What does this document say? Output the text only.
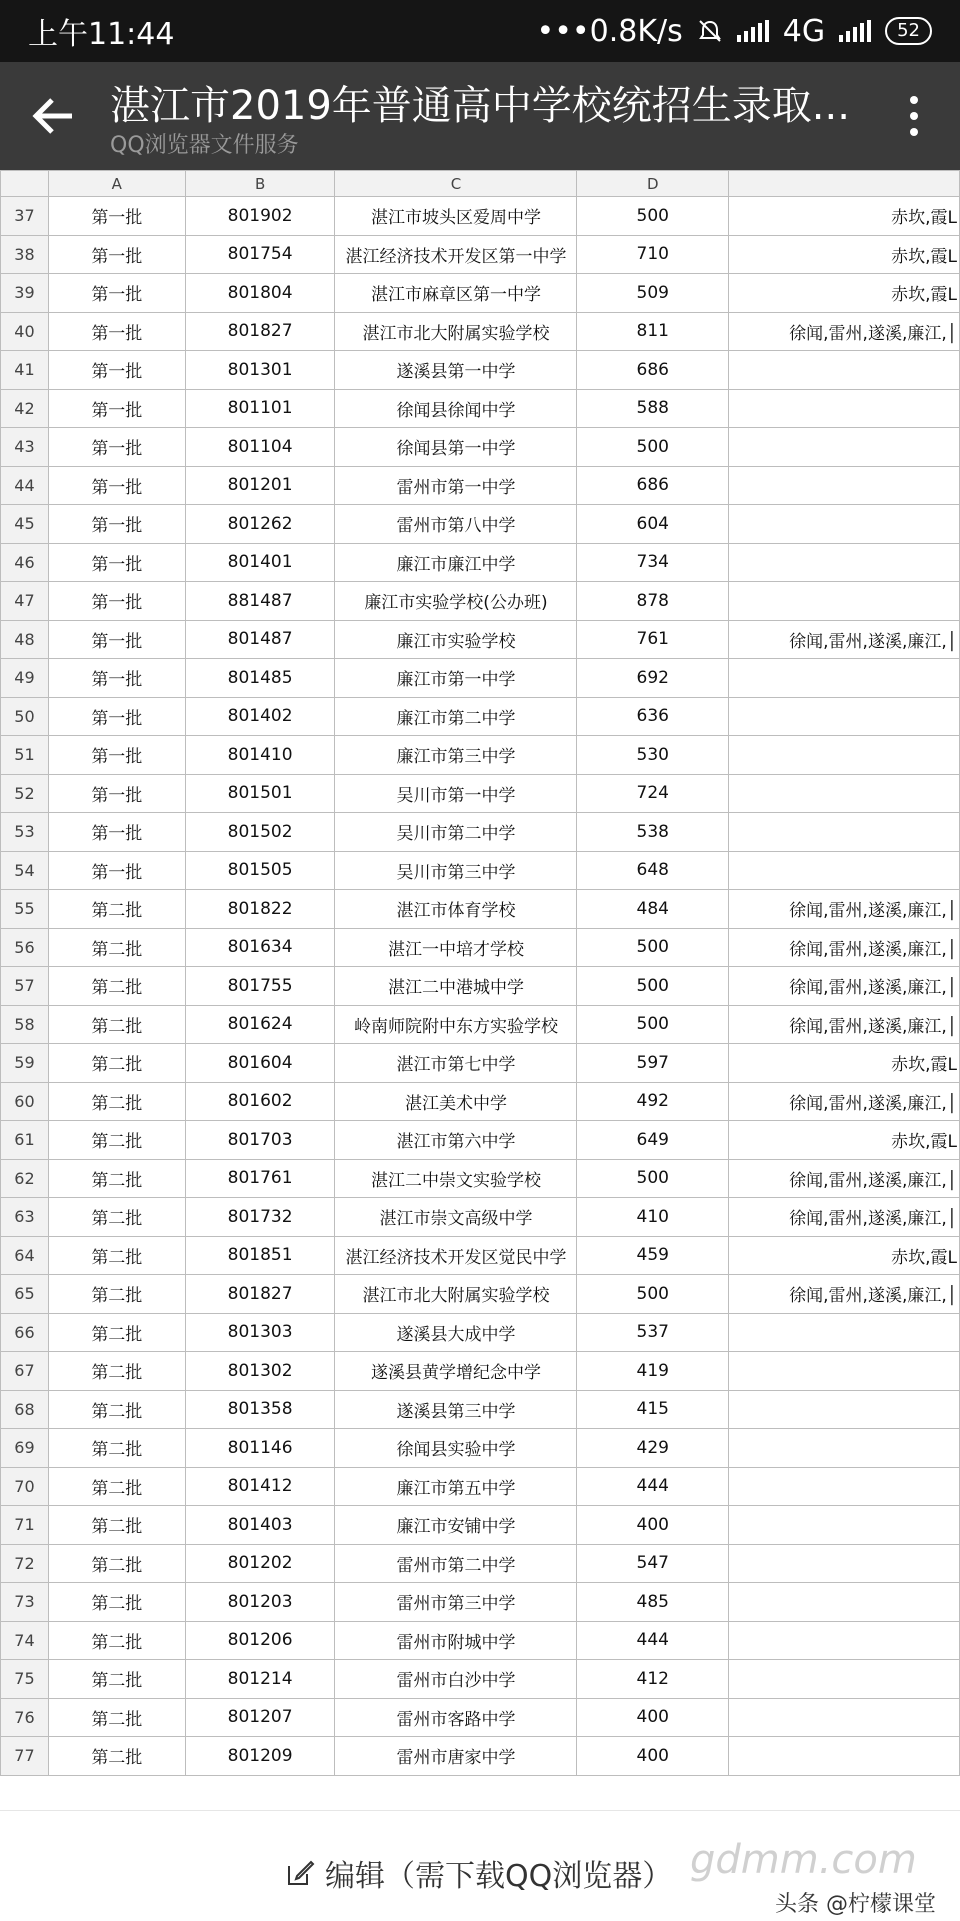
上午11:44	•••0.8K/s	4G	52
湛江市2019年普通高中学校统招生录取...
QQ浏览器文件服务
	A	B	C	D	
37	第一批	801902	湛江市坡头区爱周中学	500	赤坎,霞L
38	第一批	801754	湛江经济技术开发区第一中学	710	赤坎,霞L
39	第一批	801804	湛江市麻章区第一中学	509	赤坎,霞L
40	第一批	801827	湛江市北大附属实验学校	811	徐闻,雷州,遂溪,廉江,│
41	第一批	801301	遂溪县第一中学	686	
42	第一批	801101	徐闻县徐闻中学	588	
43	第一批	801104	徐闻县第一中学	500	
44	第一批	801201	雷州市第一中学	686	
45	第一批	801262	雷州市第八中学	604	
46	第一批	801401	廉江市廉江中学	734	
47	第一批	881487	廉江市实验学校(公办班)	878	
48	第一批	801487	廉江市实验学校	761	徐闻,雷州,遂溪,廉江,│
49	第一批	801485	廉江市第一中学	692	
50	第一批	801402	廉江市第二中学	636	
51	第一批	801410	廉江市第三中学	530	
52	第一批	801501	吴川市第一中学	724	
53	第一批	801502	吴川市第二中学	538	
54	第一批	801505	吴川市第三中学	648	
55	第二批	801822	湛江市体育学校	484	徐闻,雷州,遂溪,廉江,│
56	第二批	801634	湛江一中培才学校	500	徐闻,雷州,遂溪,廉江,│
57	第二批	801755	湛江二中港城中学	500	徐闻,雷州,遂溪,廉江,│
58	第二批	801624	岭南师院附中东方实验学校	500	徐闻,雷州,遂溪,廉江,│
59	第二批	801604	湛江市第七中学	597	赤坎,霞L
60	第二批	801602	湛江美术中学	492	徐闻,雷州,遂溪,廉江,│
61	第二批	801703	湛江市第六中学	649	赤坎,霞L
62	第二批	801761	湛江二中崇文实验学校	500	徐闻,雷州,遂溪,廉江,│
63	第二批	801732	湛江市崇文高级中学	410	徐闻,雷州,遂溪,廉江,│
64	第二批	801851	湛江经济技术开发区觉民中学	459	赤坎,霞L
65	第二批	801827	湛江市北大附属实验学校	500	徐闻,雷州,遂溪,廉江,│
66	第二批	801303	遂溪县大成中学	537	
67	第二批	801302	遂溪县黄学增纪念中学	419	
68	第二批	801358	遂溪县第三中学	415	
69	第二批	801146	徐闻县实验中学	429	
70	第二批	801412	廉江市第五中学	444	
71	第二批	801403	廉江市安铺中学	400	
72	第二批	801202	雷州市第二中学	547	
73	第二批	801203	雷州市第三中学	485	
74	第二批	801206	雷州市附城中学	444	
75	第二批	801214	雷州市白沙中学	412	
76	第二批	801207	雷州市客路中学	400	
77	第二批	801209	雷州市唐家中学	400	
编辑（需下载QQ浏览器） gdmm.com
头条 @柠檬课堂
